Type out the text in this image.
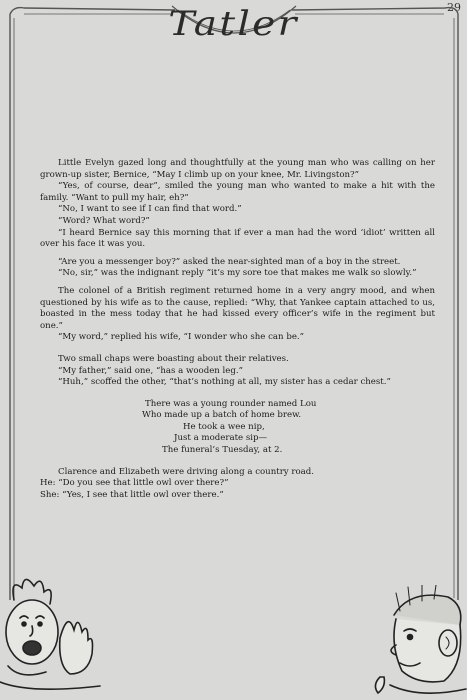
29
Tatler

Little Evelyn gazed long and thoughtfully at the young man who was calling on her grown-up sister, Bernice, “May I climb up on your knee, Mr. Livingston?”

“Yes, of course, dear”, smiled the young man who wanted to make a hit with the family. “Want to pull my hair, eh?”

“No, I want to see if I can find that word.”

“Word? What word?”

“I heard Bernice say this morning that if ever a man had the word ‘idiot’ written all over his face it was you.

“Are you a messenger boy?” asked the near-sighted man of a boy in the street.

“No, sir,” was the indignant reply “it’s my sore toe that makes me walk so slowly.”

The colonel of a British regiment returned home in a very angry mood, and when questioned by his wife as to the cause, replied: “Why, that Yankee captain attached to us, boasted in the mess today that he had kissed every officer’s wife in the regiment but one.”

“My word,” replied his wife, “I wonder who she can be.”

Two small chaps were boasting about their relatives.

“My father,” said one, “has a wooden leg.”

“Huh,” scoffed the other, “that’s nothing at all, my sister has a cedar chest.”

There was a young rounder named Lou
Who made up a batch of home brew.
He took a wee nip,
Just a moderate sip—
The funeral’s Tuesday, at 2.

Clarence and Elizabeth were driving along a country road.

He: “Do you see that little owl over there?”

She: “Yes, I see that little owl over there.”
